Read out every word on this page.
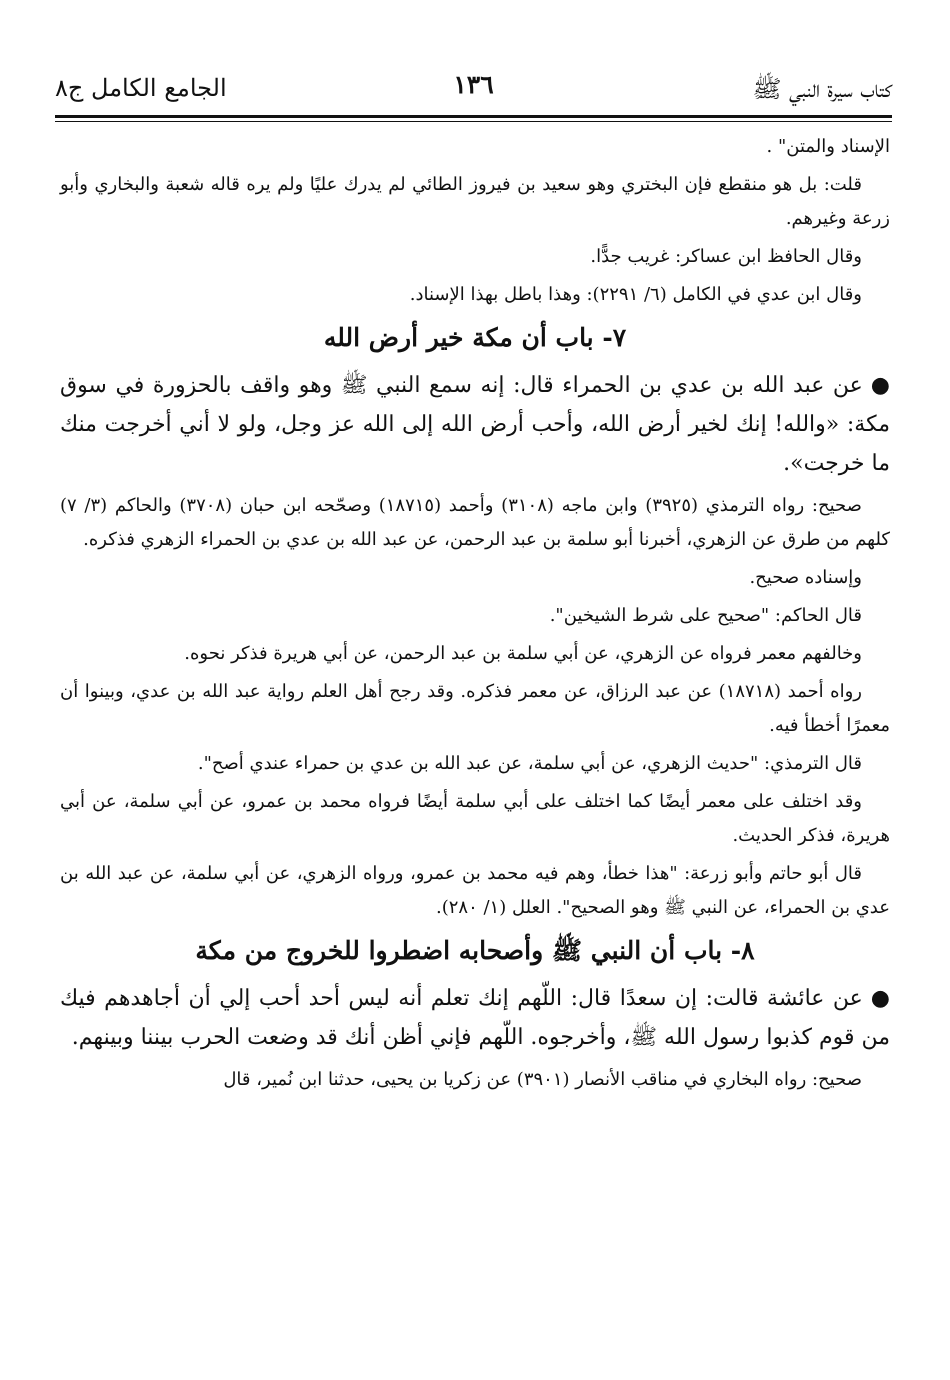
كتاب سيرة النبي ﷺ
١٣٦
الجامع الكامل ج٨

الإسناد والمتن" .

قلت: بل هو منقطع فإن البختري وهو سعيد بن فيروز الطائي لم يدرك عليًا ولم يره قاله شعبة والبخاري وأبو زرعة وغيرهم.

وقال الحافظ ابن عساكر: غريب جدًّا.

وقال ابن عدي في الكامل (٦/ ٢٢٩١): وهذا باطل بهذا الإسناد.

٧- باب أن مكة خير أرض الله

●عن عبد الله بن عدي بن الحمراء قال: إنه سمع النبي ﷺ وهو واقف بالحزورة في سوق مكة: «والله! إنك لخير أرض الله، وأحب أرض الله إلى الله عز وجل، ولو لا أني أخرجت منك ما خرجت».

صحيح: رواه الترمذي (٣٩٢٥) وابن ماجه (٣١٠٨) وأحمد (١٨٧١٥) وصحّحه ابن حبان (٣٧٠٨) والحاكم (٣/ ٧) كلهم من طرق عن الزهري، أخبرنا أبو سلمة بن عبد الرحمن، عن عبد الله بن عدي بن الحمراء الزهري فذكره.

وإسناده صحيح.

قال الحاكم: "صحيح على شرط الشيخين".

وخالفهم معمر فرواه عن الزهري، عن أبي سلمة بن عبد الرحمن، عن أبي هريرة فذكر نحوه.

رواه أحمد (١٨٧١٨) عن عبد الرزاق، عن معمر فذكره. وقد رجح أهل العلم رواية عبد الله بن عدي، وبينوا أن معمرًا أخطأ فيه.

قال الترمذي: "حديث الزهري، عن أبي سلمة، عن عبد الله بن عدي بن حمراء عندي أصح".

وقد اختلف على معمر أيضًا كما اختلف على أبي سلمة أيضًا فرواه محمد بن عمرو، عن أبي سلمة، عن أبي هريرة، فذكر الحديث.

قال أبو حاتم وأبو زرعة: "هذا خطأ، وهم فيه محمد بن عمرو، ورواه الزهري، عن أبي سلمة، عن عبد الله بن عدي بن الحمراء، عن النبي ﷺ وهو الصحيح". العلل (١/ ٢٨٠).

٨- باب أن النبي ﷺ وأصحابه اضطروا للخروج من مكة

●عن عائشة قالت: إن سعدًا قال: اللّهم إنك تعلم أنه ليس أحد أحب إلي أن أجاهدهم فيك من قوم كذبوا رسول الله ﷺ، وأخرجوه. اللّهم فإني أظن أنك قد وضعت الحرب بيننا وبينهم.

صحيح: رواه البخاري في مناقب الأنصار (٣٩٠١) عن زكريا بن يحيى، حدثنا ابن نُمير، قال
